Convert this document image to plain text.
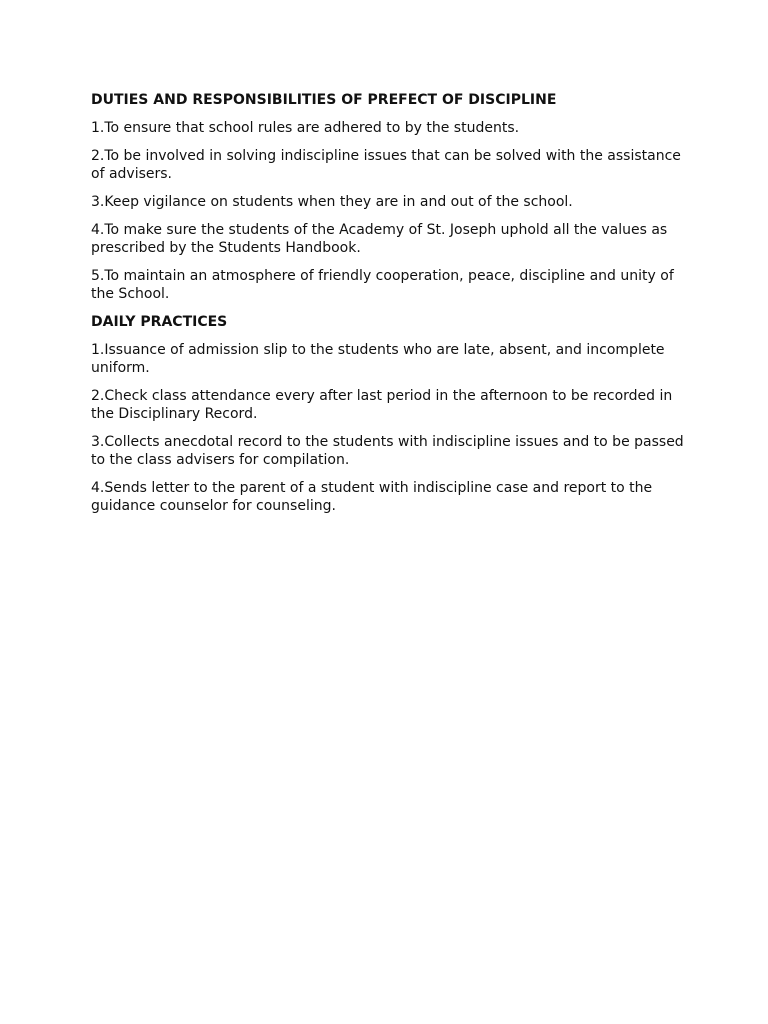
DUTIES AND RESPONSIBILITIES OF PREFECT OF DISCIPLINE
1.To ensure that school rules are adhered to by the students.
2.To be involved in solving indiscipline issues that can be solved with the assistance of advisers.
3.Keep vigilance on students when they are in and out of the school.
4.To make sure the students of the Academy of St. Joseph uphold all the values as prescribed by the Students Handbook.
5.To maintain an atmosphere of friendly cooperation, peace, discipline and unity of the School.
DAILY PRACTICES
1.Issuance of admission slip to the students who are late, absent, and incomplete uniform.
2.Check class attendance every after last period in the afternoon to be recorded in the Disciplinary Record.
3.Collects anecdotal record to the students with indiscipline issues and to be passed to the class advisers for compilation.
4.Sends letter to the parent of a student with indiscipline case and report to the guidance counselor for counseling.
